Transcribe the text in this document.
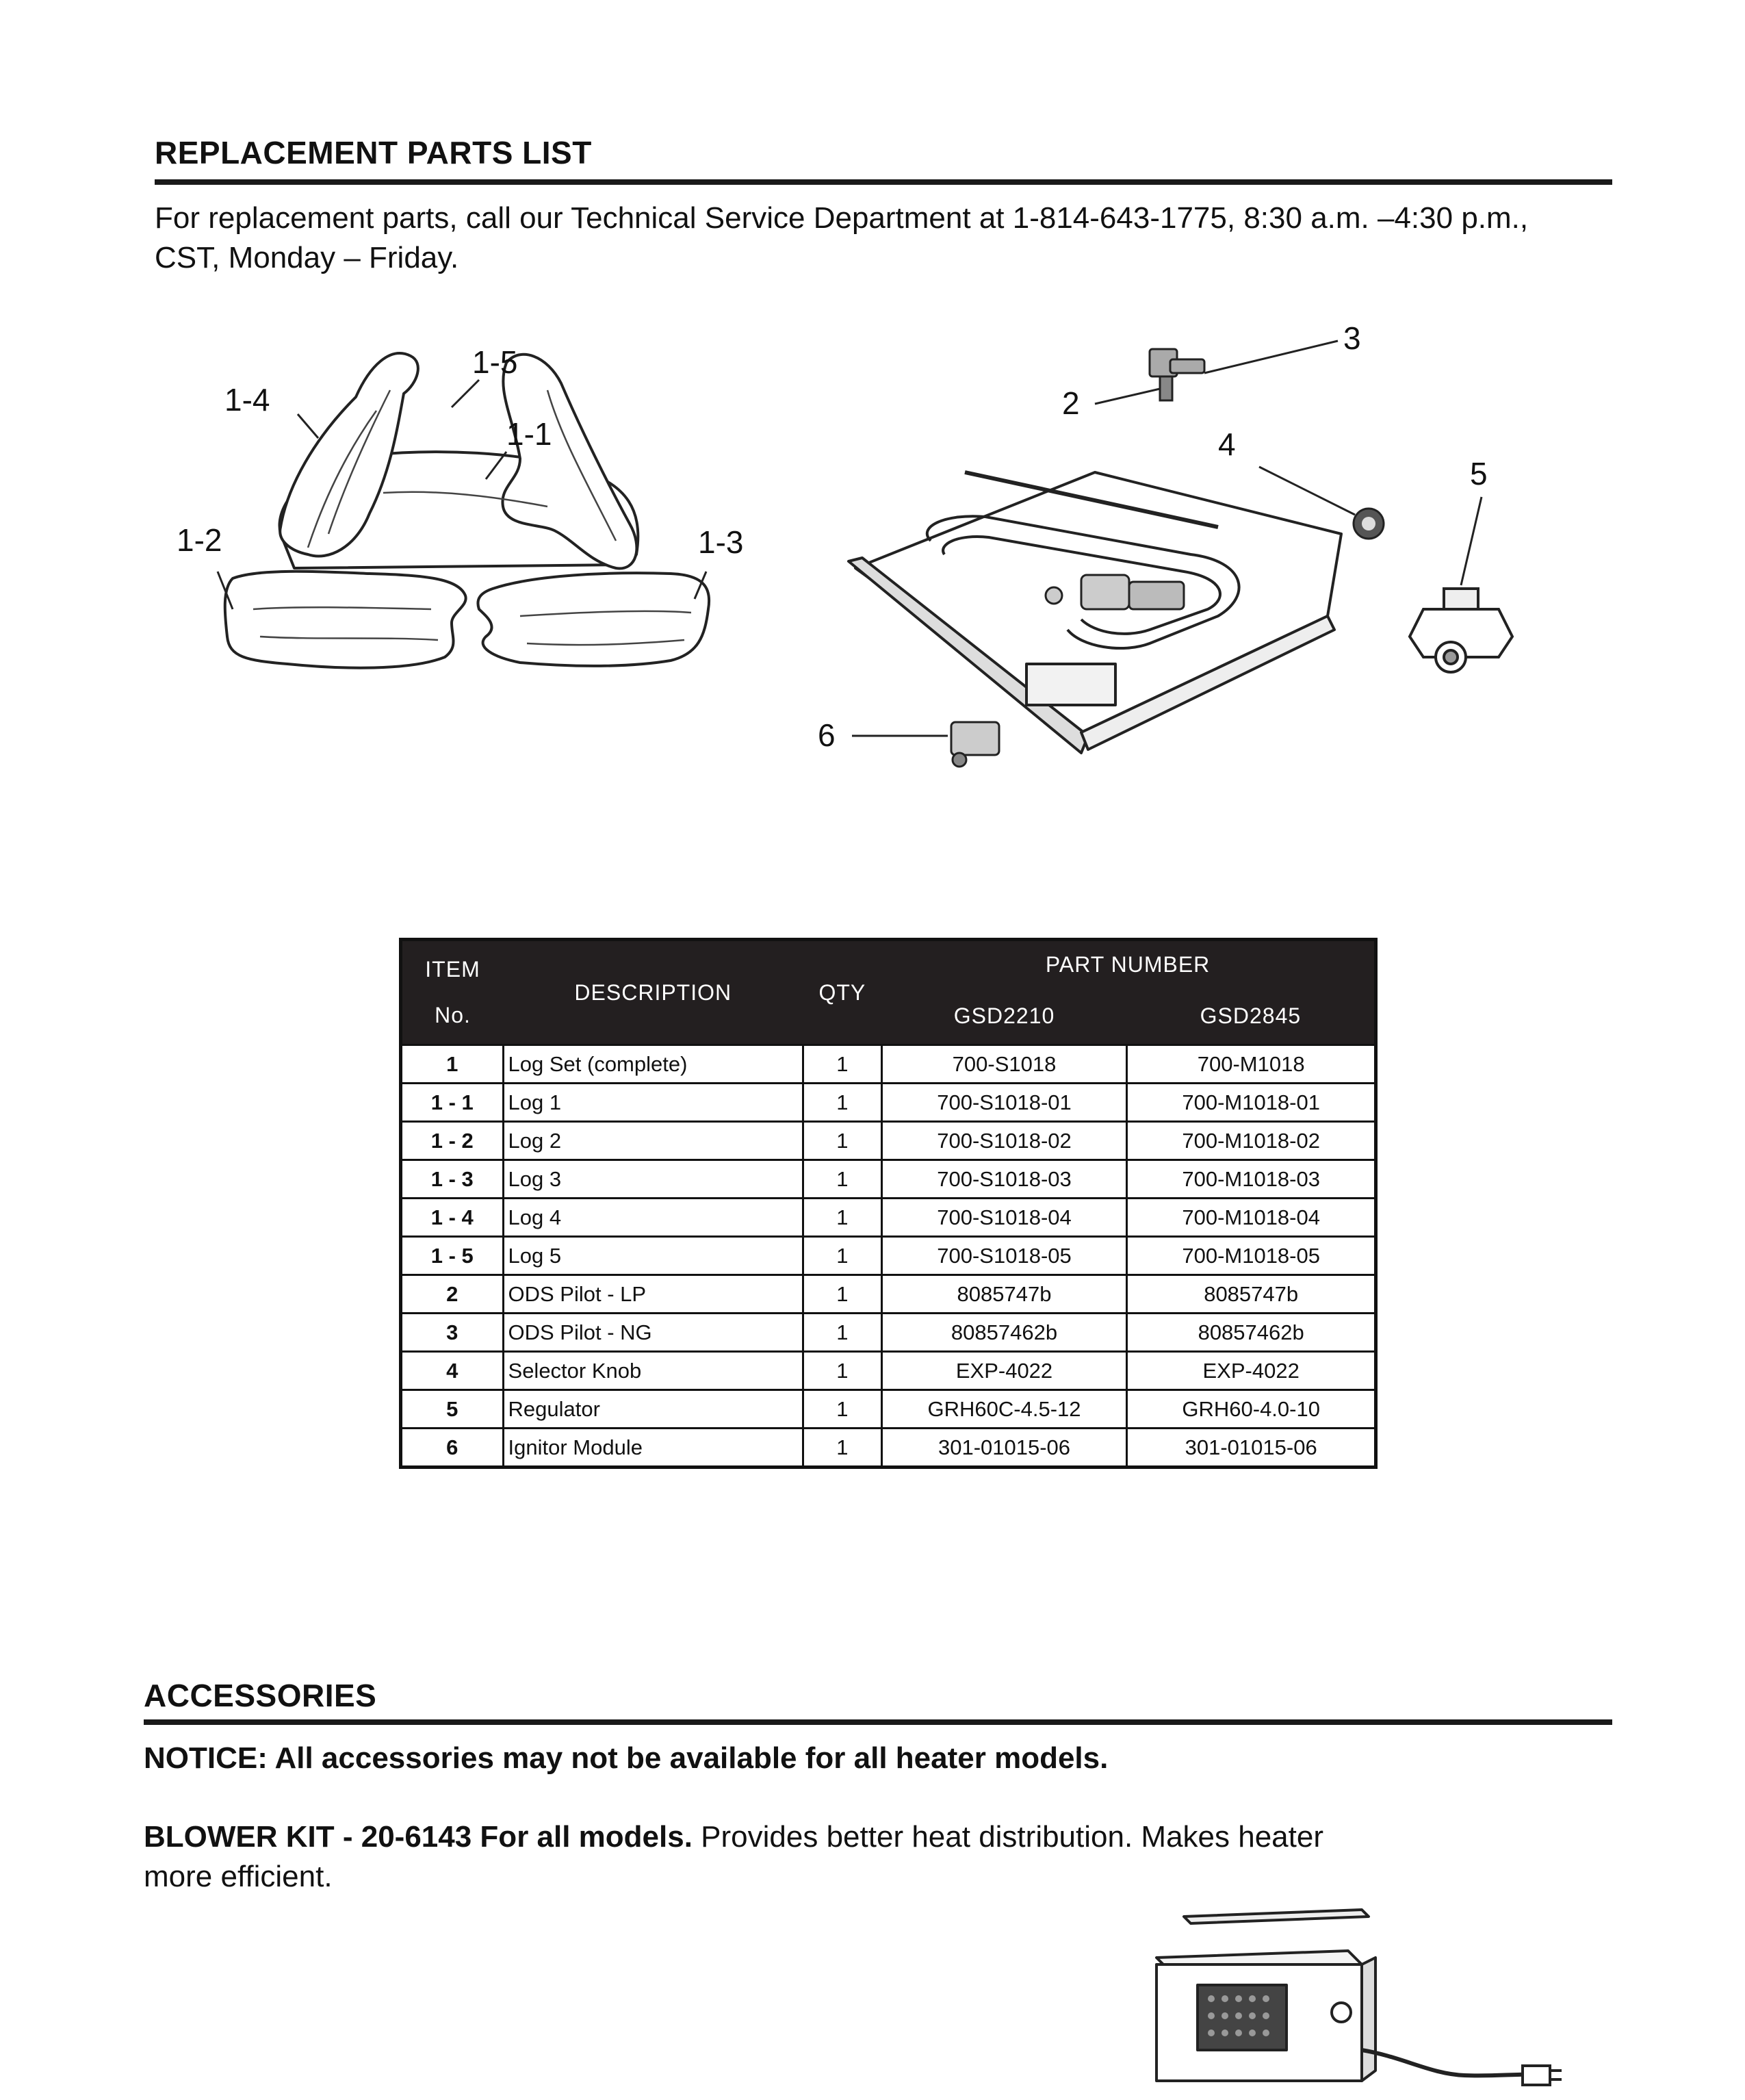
REPLACEMENT PARTS LIST
For replacement parts, call our Technical Service Department at 1-814-643-1775, 8:30 a.m. –4:30 p.m.,
CST, Monday – Friday.
1-4
1-5
1-1
1-2	1-3
2
3
4
5
6
ITEM
No.	DESCRIPTION	QTY	PART NUMBER	
			GSD2210	GSD2845
1	Log Set (complete)	1	700-S1018	700-M1018
1 - 1	Log 1	1	700-S1018-01	700-M1018-01
1 - 2	Log 2	1	700-S1018-02	700-M1018-02
1 - 3	Log 3	1	700-S1018-03	700-M1018-03
1 - 4	Log 4	1	700-S1018-04	700-M1018-04
1 - 5	Log 5	1	700-S1018-05	700-M1018-05
2	ODS Pilot - LP	1	8085747b	8085747b
3	ODS Pilot - NG	1	80857462b	80857462b
4	Selector Knob	1	EXP-4022	EXP-4022
5	Regulator	1	GRH60C-4.5-12	GRH60-4.0-10
6	Ignitor Module	1	301-01015-06	301-01015-06
ACCESSORIES
NOTICE: All accessories may not be available for all heater models.
BLOWER KIT - 20-6143 For all models. Provides better heat distribution. Makes heater
more efficient.
